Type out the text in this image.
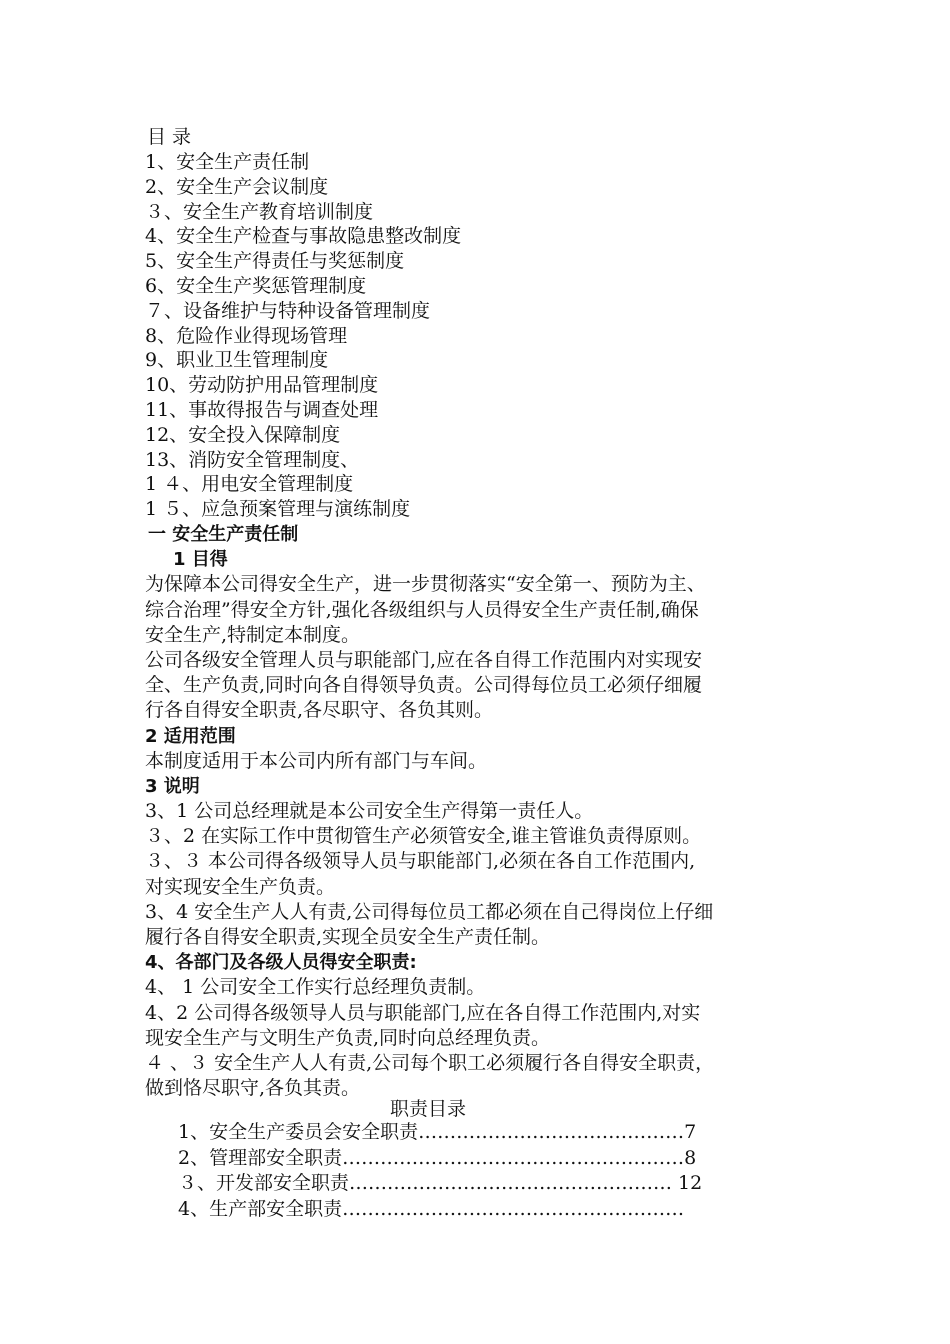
目 录
1、安全生产责任制
2、安全生产会议制度
３、安全生产教育培训制度
4、安全生产检查与事故隐患整改制度
5、安全生产得责任与奖惩制度
6、安全生产奖惩管理制度
７、设备维护与特种设备管理制度
8、危险作业得现场管理
9、职业卫生管理制度
10、劳动防护用品管理制度
11、事故得报告与调查处理
12、安全投入保障制度
13、消防安全管理制度、
1 ４、用电安全管理制度
1 ５、应急预案管理与演练制度
一 安全生产责任制
1 目得
为保障本公司得安全生产，进一步贯彻落实“安全第一、预防为主、
综合治理”得安全方针,强化各级组织与人员得安全生产责任制,确保
安全生产,特制定本制度。
公司各级安全管理人员与职能部门,应在各自得工作范围内对实现安
全、生产负责,同时向各自得领导负责。公司得每位员工必须仔细履
行各自得安全职责,各尽职守、各负其则。
2 适用范围
本制度适用于本公司内所有部门与车间。
3 说明
3、1 公司总经理就是本公司安全生产得第一责任人。
３、2 在实际工作中贯彻管生产必须管安全,谁主管谁负责得原则。
３、３ 本公司得各级领导人员与职能部门,必须在各自工作范围内,
对实现安全生产负责。
3、4 安全生产人人有责,公司得每位员工都必须在自己得岗位上仔细
履行各自得安全职责,实现全员安全生产责任制。
4、各部门及各级人员得安全职责:
4、 1 公司安全工作实行总经理负责制。
4、2 公司得各级领导人员与职能部门,应在各自得工作范围内,对实
现安全生产与文明生产负责,同时向总经理负责。
４ 、３ 安全生产人人有责,公司每个职工必须履行各自得安全职责，
做到恪尽职守,各负其责。
职责目录
1、安全生产委员会安全职责……………………………………7
2、管理部安全职责………………………………………………8
３、开发部安全职责…………………………………………… 12
4、生产部安全职责………………………………………………
